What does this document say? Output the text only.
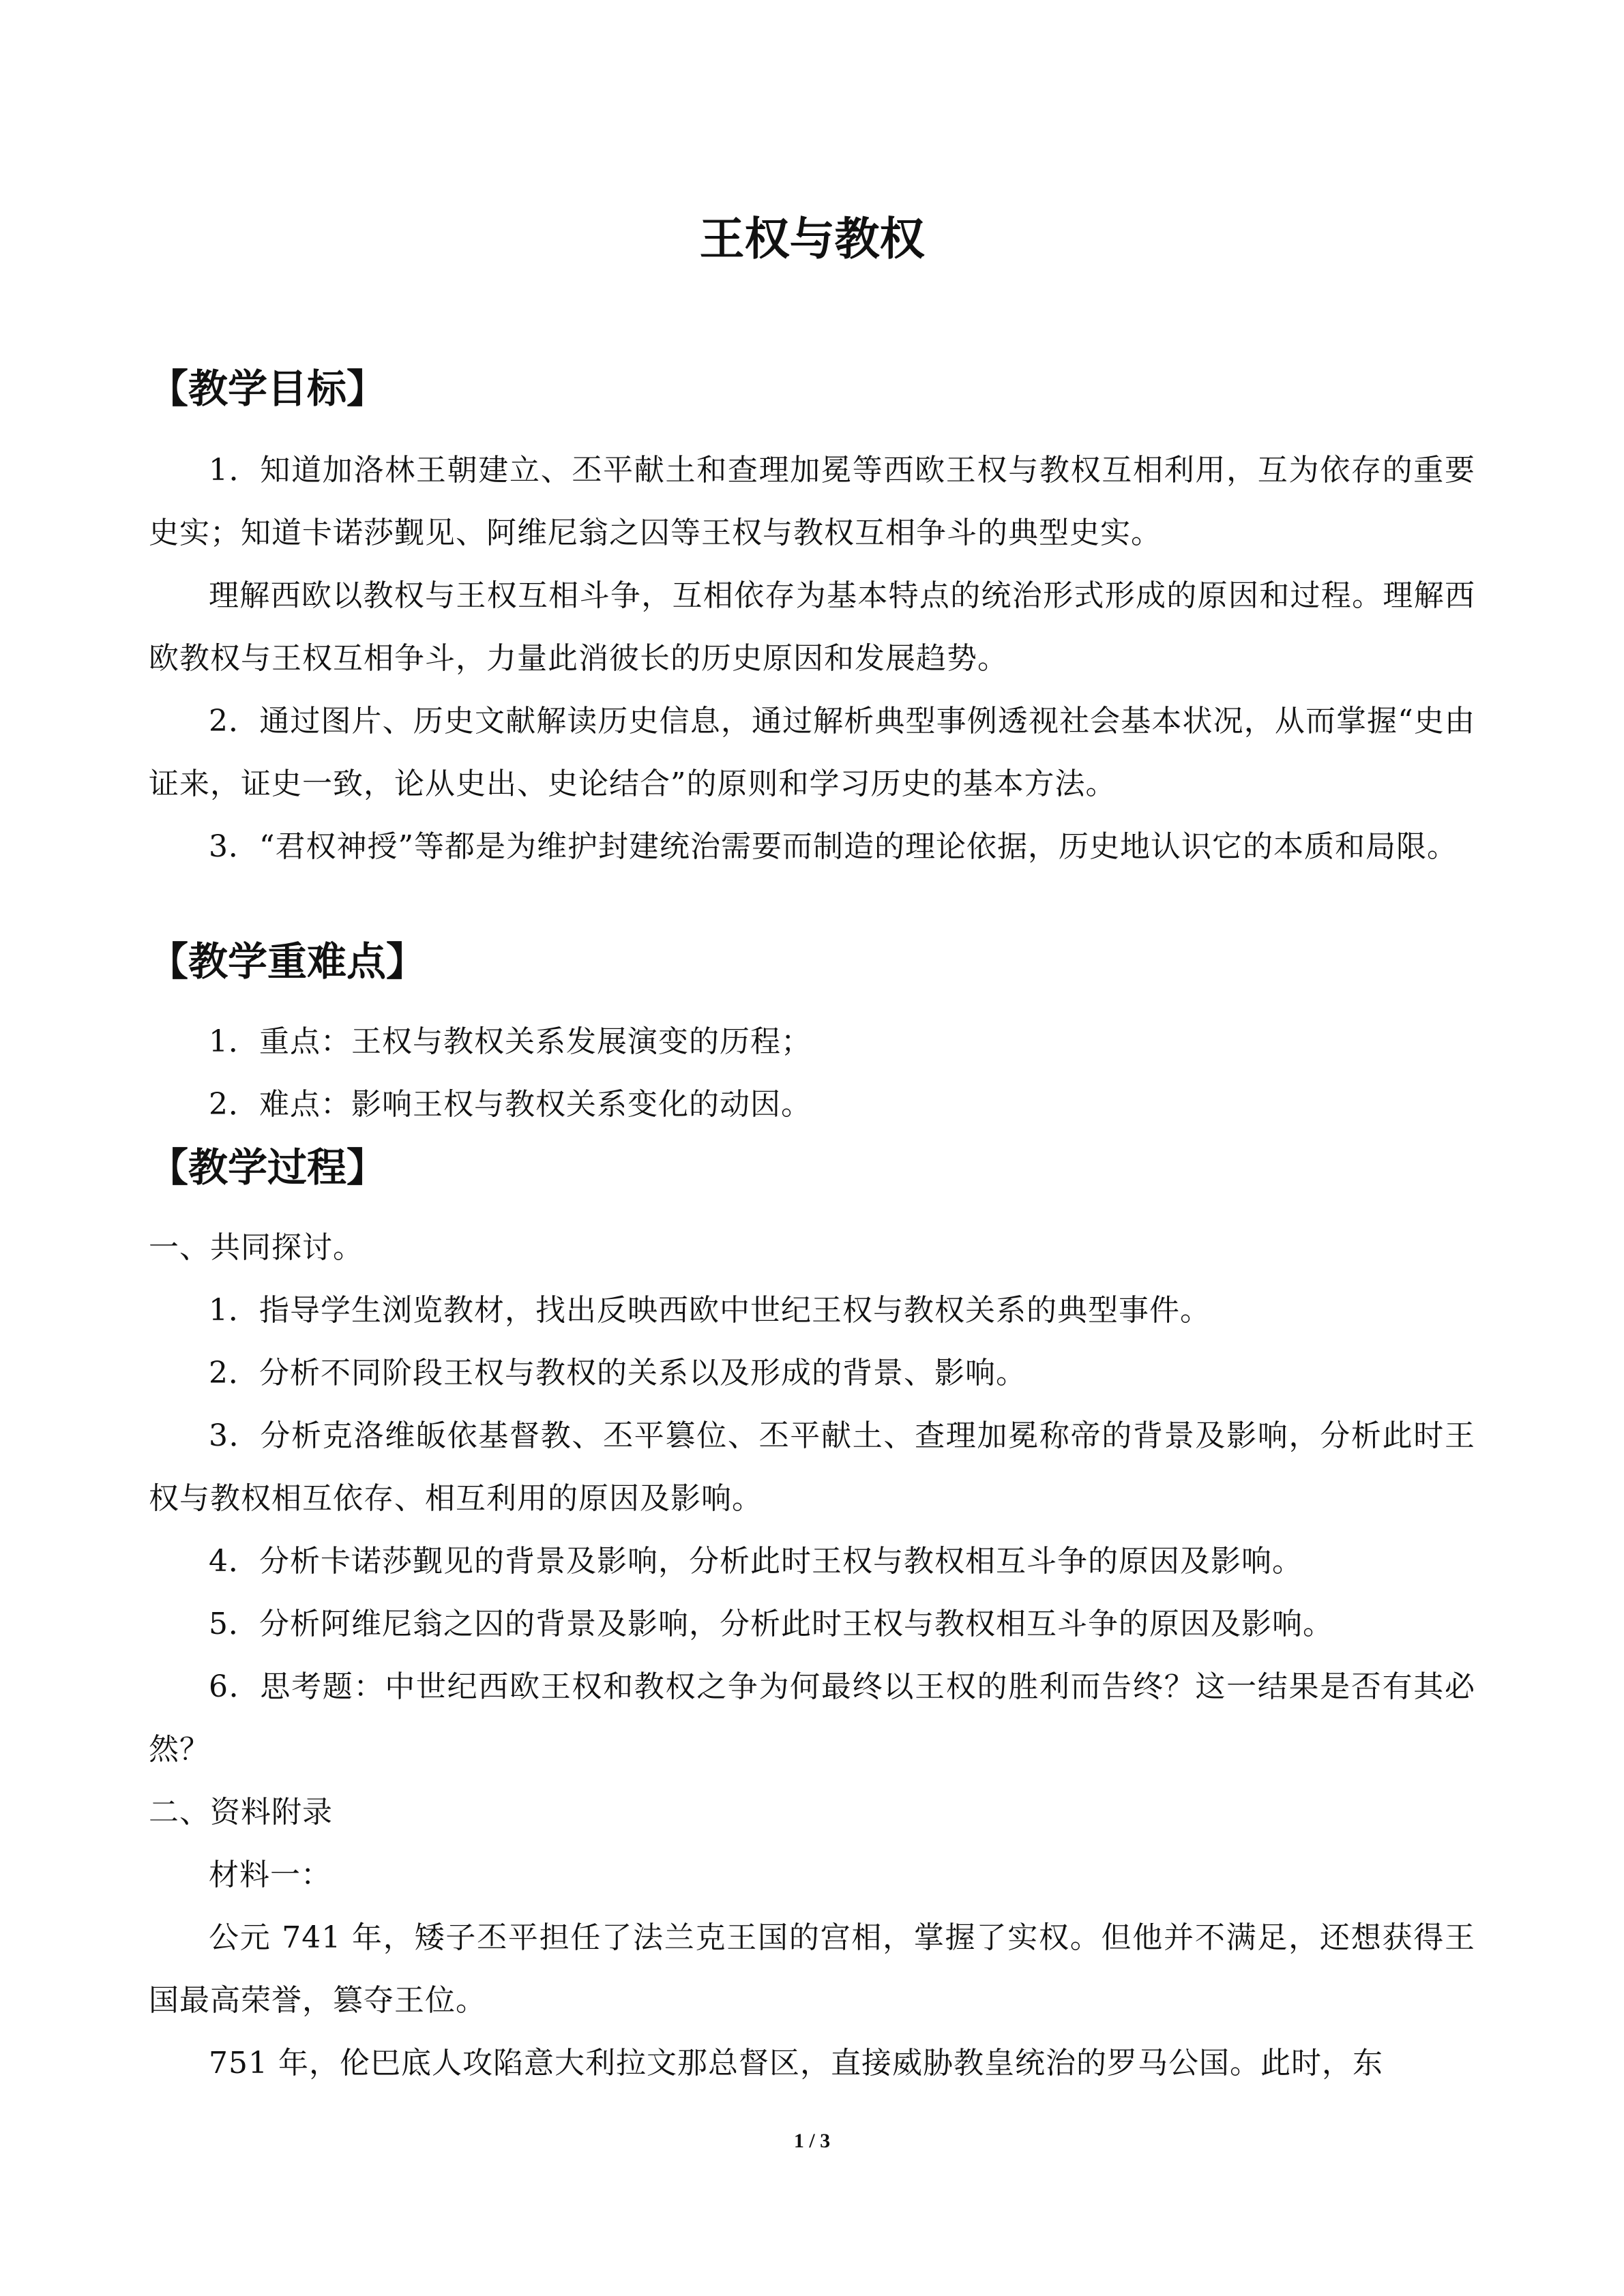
王权与教权
【教学目标】

1．知道加洛林王朝建立、丕平献土和查理加冕等西欧王权与教权互相利用，互为依存的重要史实；知道卡诺莎觐见、阿维尼翁之囚等王权与教权互相争斗的典型史实。

理解西欧以教权与王权互相斗争，互相依存为基本特点的统治形式形成的原因和过程。理解西欧教权与王权互相争斗，力量此消彼长的历史原因和发展趋势。

2．通过图片、历史文献解读历史信息，通过解析典型事例透视社会基本状况，从而掌握“史由证来，证史一致，论从史出、史论结合”的原则和学习历史的基本方法。

3．“君权神授”等都是为维护封建统治需要而制造的理论依据，历史地认识它的本质和局限。

【教学重难点】

1．重点：王权与教权关系发展演变的历程；

2．难点：影响王权与教权关系变化的动因。

【教学过程】

一、共同探讨。

1．指导学生浏览教材，找出反映西欧中世纪王权与教权关系的典型事件。

2．分析不同阶段王权与教权的关系以及形成的背景、影响。

3．分析克洛维皈依基督教、丕平篡位、丕平献土、查理加冕称帝的背景及影响，分析此时王权与教权相互依存、相互利用的原因及影响。

4．分析卡诺莎觐见的背景及影响，分析此时王权与教权相互斗争的原因及影响。

5．分析阿维尼翁之囚的背景及影响，分析此时王权与教权相互斗争的原因及影响。

6．思考题：中世纪西欧王权和教权之争为何最终以王权的胜利而告终？这一结果是否有其必然？

二、资料附录

材料一：

公元 741 年，矮子丕平担任了法兰克王国的宫相，掌握了实权。但他并不满足，还想获得王国最高荣誉，篡夺王位。

751 年，伦巴底人攻陷意大利拉文那总督区，直接威胁教皇统治的罗马公国。此时，东

1 / 3
